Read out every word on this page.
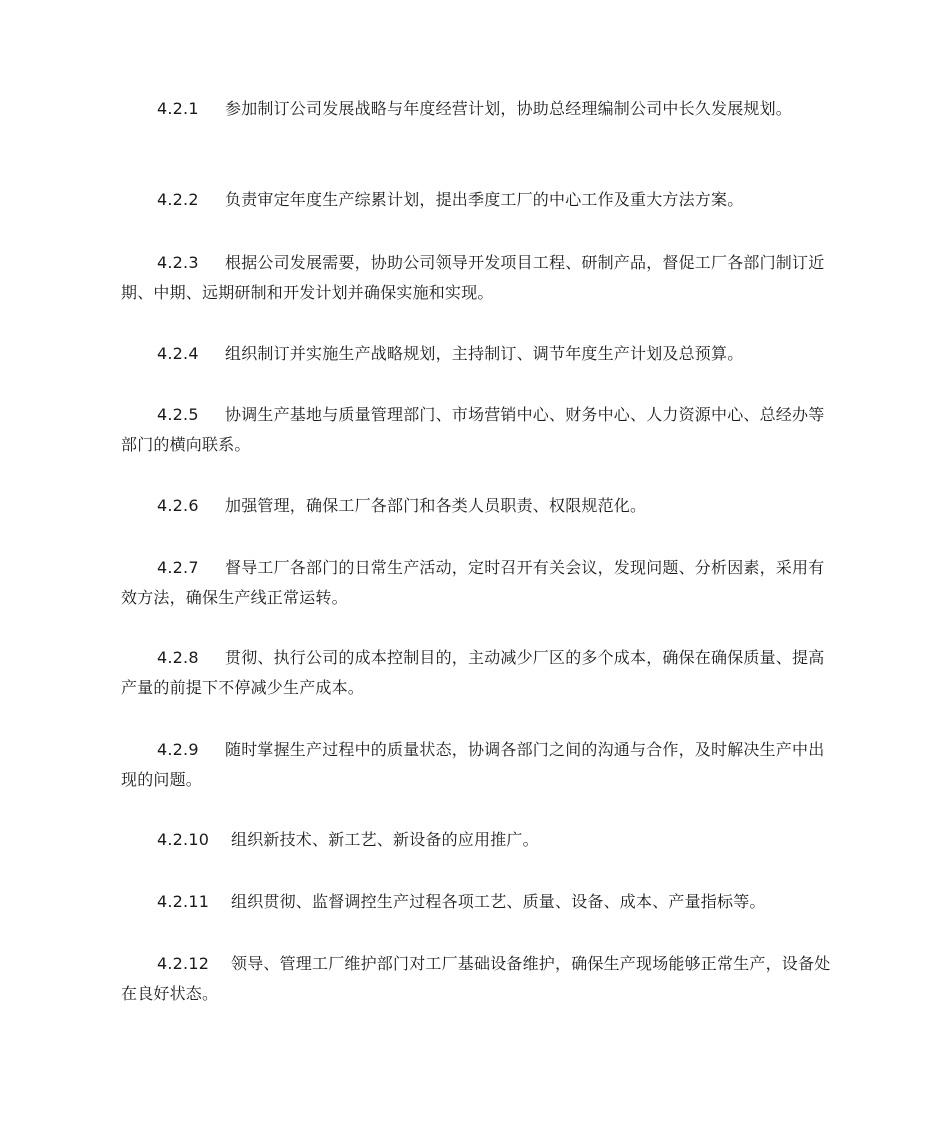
4.2.1 参加制订公司发展战略与年度经营计划，协助总经理编制公司中长久发展规划。

4.2.2 负责审定年度生产综累计划，提出季度工厂的中心工作及重大方法方案。

4.2.3 根据公司发展需要，协助公司领导开发项目工程、研制产品，督促工厂各部门制订近期、中期、远期研制和开发计划并确保实施和实现。

4.2.4 组织制订并实施生产战略规划，主持制订、调节年度生产计划及总预算。

4.2.5 协调生产基地与质量管理部门、市场营销中心、财务中心、人力资源中心、总经办等部门的横向联系。

4.2.6 加强管理，确保工厂各部门和各类人员职责、权限规范化。

4.2.7 督导工厂各部门的日常生产活动，定时召开有关会议，发现问题、分析因素，采用有效方法，确保生产线正常运转。

4.2.8 贯彻、执行公司的成本控制目的，主动减少厂区的多个成本，确保在确保质量、提高产量的前提下不停减少生产成本。

4.2.9 随时掌握生产过程中的质量状态，协调各部门之间的沟通与合作，及时解决生产中出现的问题。

4.2.10 组织新技术、新工艺、新设备的应用推广。

4.2.11 组织贯彻、监督调控生产过程各项工艺、质量、设备、成本、产量指标等。

4.2.12 领导、管理工厂维护部门对工厂基础设备维护，确保生产现场能够正常生产，设备处在良好状态。
